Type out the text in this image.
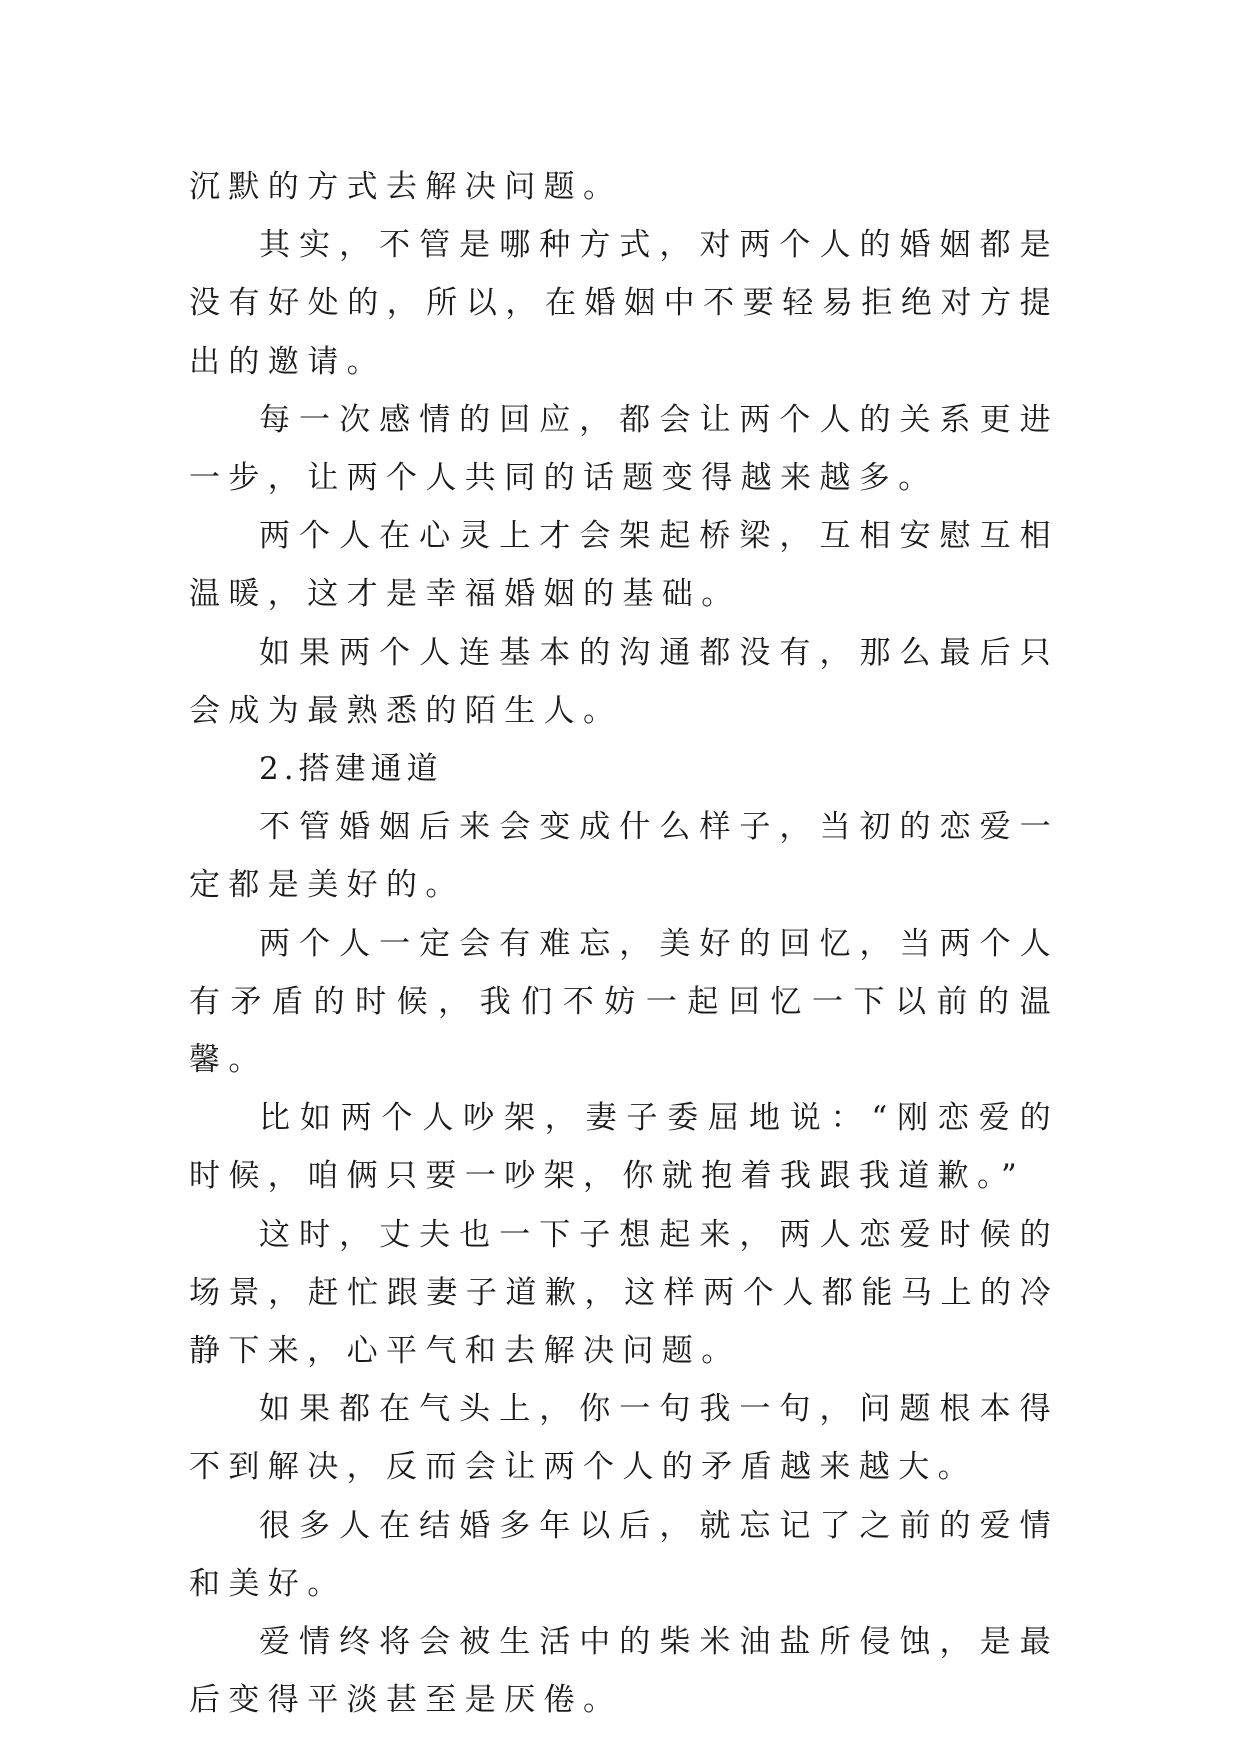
沉默的方式去解决问题。

其实，不管是哪种方式，对两个人的婚姻都是没有好处的，所以，在婚姻中不要轻易拒绝对方提出的邀请。

每一次感情的回应，都会让两个人的关系更进一步，让两个人共同的话题变得越来越多。

两个人在心灵上才会架起桥梁，互相安慰互相温暖，这才是幸福婚姻的基础。

如果两个人连基本的沟通都没有，那么最后只会成为最熟悉的陌生人。

2.搭建通道

不管婚姻后来会变成什么样子，当初的恋爱一定都是美好的。

两个人一定会有难忘，美好的回忆，当两个人有矛盾的时候，我们不妨一起回忆一下以前的温馨。

比如两个人吵架，妻子委屈地说：“刚恋爱的时候，咱俩只要一吵架，你就抱着我跟我道歉。”

这时，丈夫也一下子想起来，两人恋爱时候的场景，赶忙跟妻子道歉，这样两个人都能马上的冷静下来，心平气和去解决问题。

如果都在气头上，你一句我一句，问题根本得不到解决，反而会让两个人的矛盾越来越大。

很多人在结婚多年以后，就忘记了之前的爱情和美好。

爱情终将会被生活中的柴米油盐所侵蚀，是最后变得平淡甚至是厌倦。
